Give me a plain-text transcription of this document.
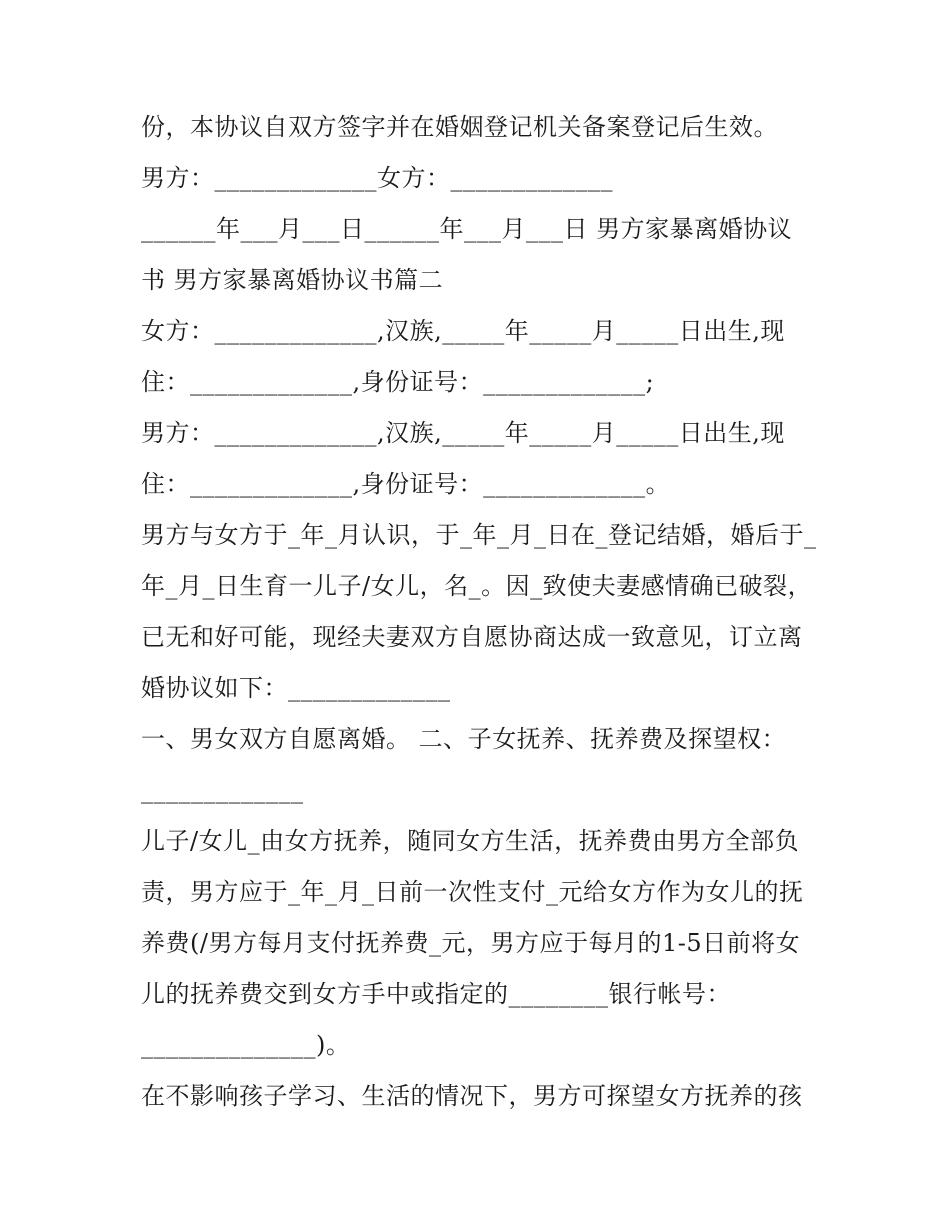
份，本协议自双方签字并在婚姻登记机关备案登记后生效。
男方：_____________女方：_____________
______年___月___日______年___月___日 男方家暴离婚协议
书 男方家暴离婚协议书篇二
女方：_____________,汉族,_____年_____月_____日出生,现
住：_____________,身份证号：_____________;
男方：_____________,汉族,_____年_____月_____日出生,现
住：_____________,身份证号：_____________。
男方与女方于_年_月认识，于_年_月_日在_登记结婚，婚后于_
年_月_日生育一儿子/女儿，名_。因_致使夫妻感情确已破裂，
已无和好可能，现经夫妻双方自愿协商达成一致意见，订立离
婚协议如下：_____________
一、男女双方自愿离婚。 二、子女抚养、抚养费及探望权：
_____________
儿子/女儿_由女方抚养，随同女方生活，抚养费由男方全部负
责，男方应于_年_月_日前一次性支付_元给女方作为女儿的抚
养费(/男方每月支付抚养费_元，男方应于每月的1-5日前将女
儿的抚养费交到女方手中或指定的________银行帐号：
______________)。
在不影响孩子学习、生活的情况下，男方可探望女方抚养的孩
